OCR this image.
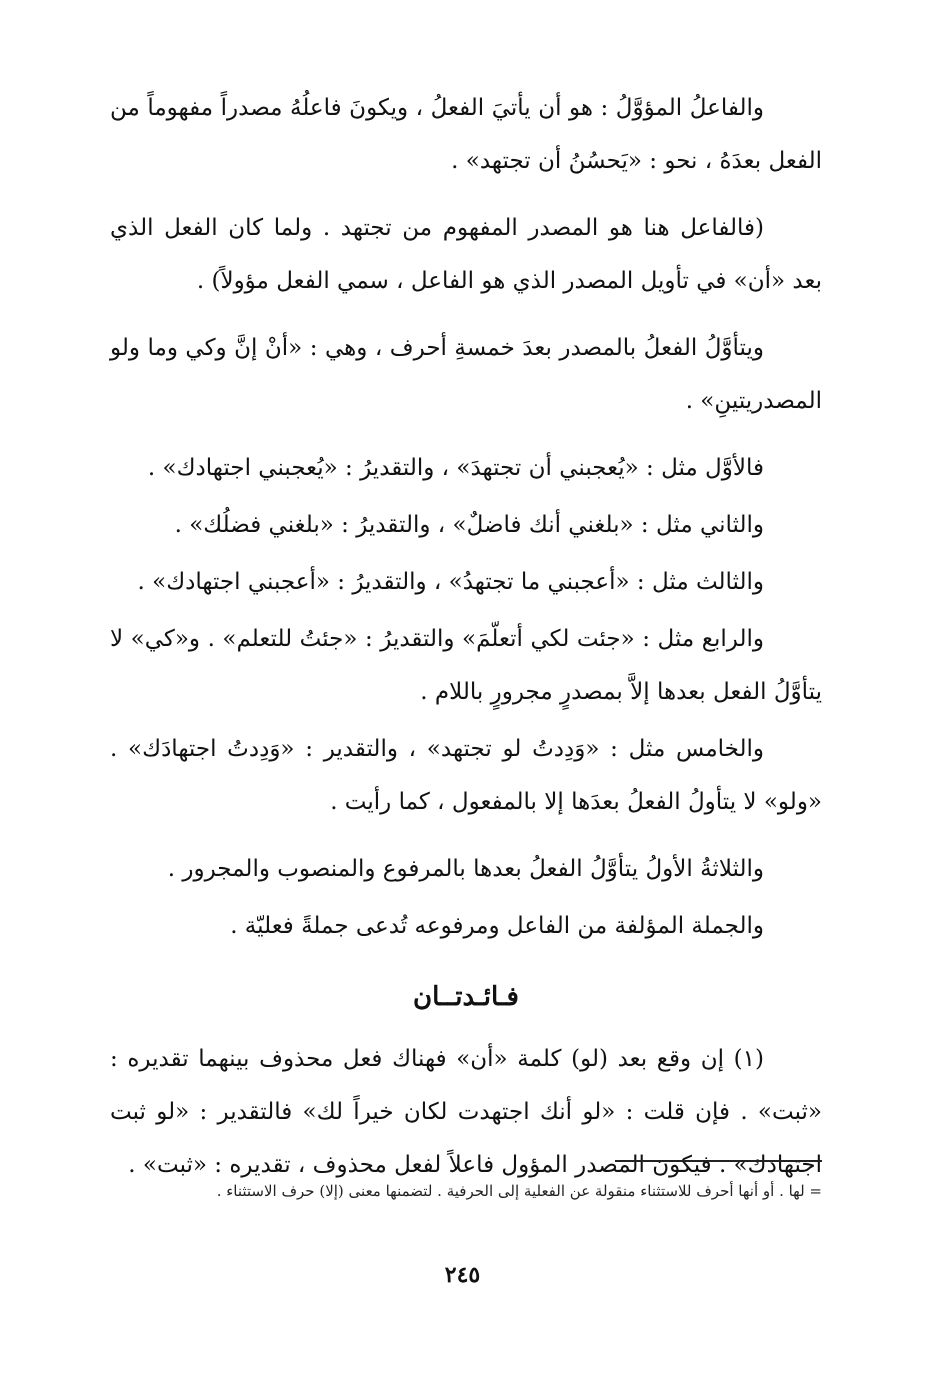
والفاعلُ المؤوَّلُ : هو أن يأتيَ الفعلُ ، ويكونَ فاعلُهُ مصدراً مفهوماً من الفعل بعدَهُ ، نحو : «يَحسُنُ أن تجتهد» .

(فالفاعل هنا هو المصدر المفهوم من تجتهد . ولما كان الفعل الذي بعد «أن» في تأويل المصدر الذي هو الفاعل ، سمي الفعل مؤولاً) .

ويتأوَّلُ الفعلُ بالمصدر بعدَ خمسةِ أحرف ، وهي : «أنْ إنَّ وكي وما ولو المصدريتينِ» .

فالأوَّل مثل : «يُعجبني أن تجتهدَ» ، والتقديرُ : «يُعجبني اجتهادك» .

والثاني مثل : «بلغني أنك فاضلٌ» ، والتقديرُ : «بلغني فضلُك» .

والثالث مثل : «أعجبني ما تجتهدُ» ، والتقديرُ : «أعجبني اجتهادك» .

والرابع مثل : «جئت لكي أتعلّمَ» والتقديرُ : «جئتُ للتعلم» . و«كي» لا يتأوَّلُ الفعل بعدها إلاَّ بمصدرٍ مجرورٍ باللام .

والخامس مثل : «وَدِدتُ لو تجتهد» ، والتقدير : «وَدِدتُ اجتهادَك» . «ولو» لا يتأولُ الفعلُ بعدَها إلا بالمفعول ، كما رأيت .

والثلاثةُ الأولُ يتأوَّلُ الفعلُ بعدها بالمرفوع والمنصوب والمجرور .

والجملة المؤلفة من الفاعل ومرفوعه تُدعى جملةً فعليّة .

فـائـدتــان

(١) إن وقع بعد (لو) كلمة «أن» فهناك فعل محذوف بينهما تقديره : «ثبت» . فإن قلت : «لو أنك اجتهدت لكان خيراً لك» فالتقدير : «لو ثبت اجتهادك» . فيكون المصدر المؤول فاعلاً لفعل محذوف ، تقديره : «ثبت» .

= لها . أو أنها أحرف للاستثناء منقولة عن الفعلية إلى الحرفية . لتضمنها معنى (إلا) حرف الاستثناء .
٢٤٥
